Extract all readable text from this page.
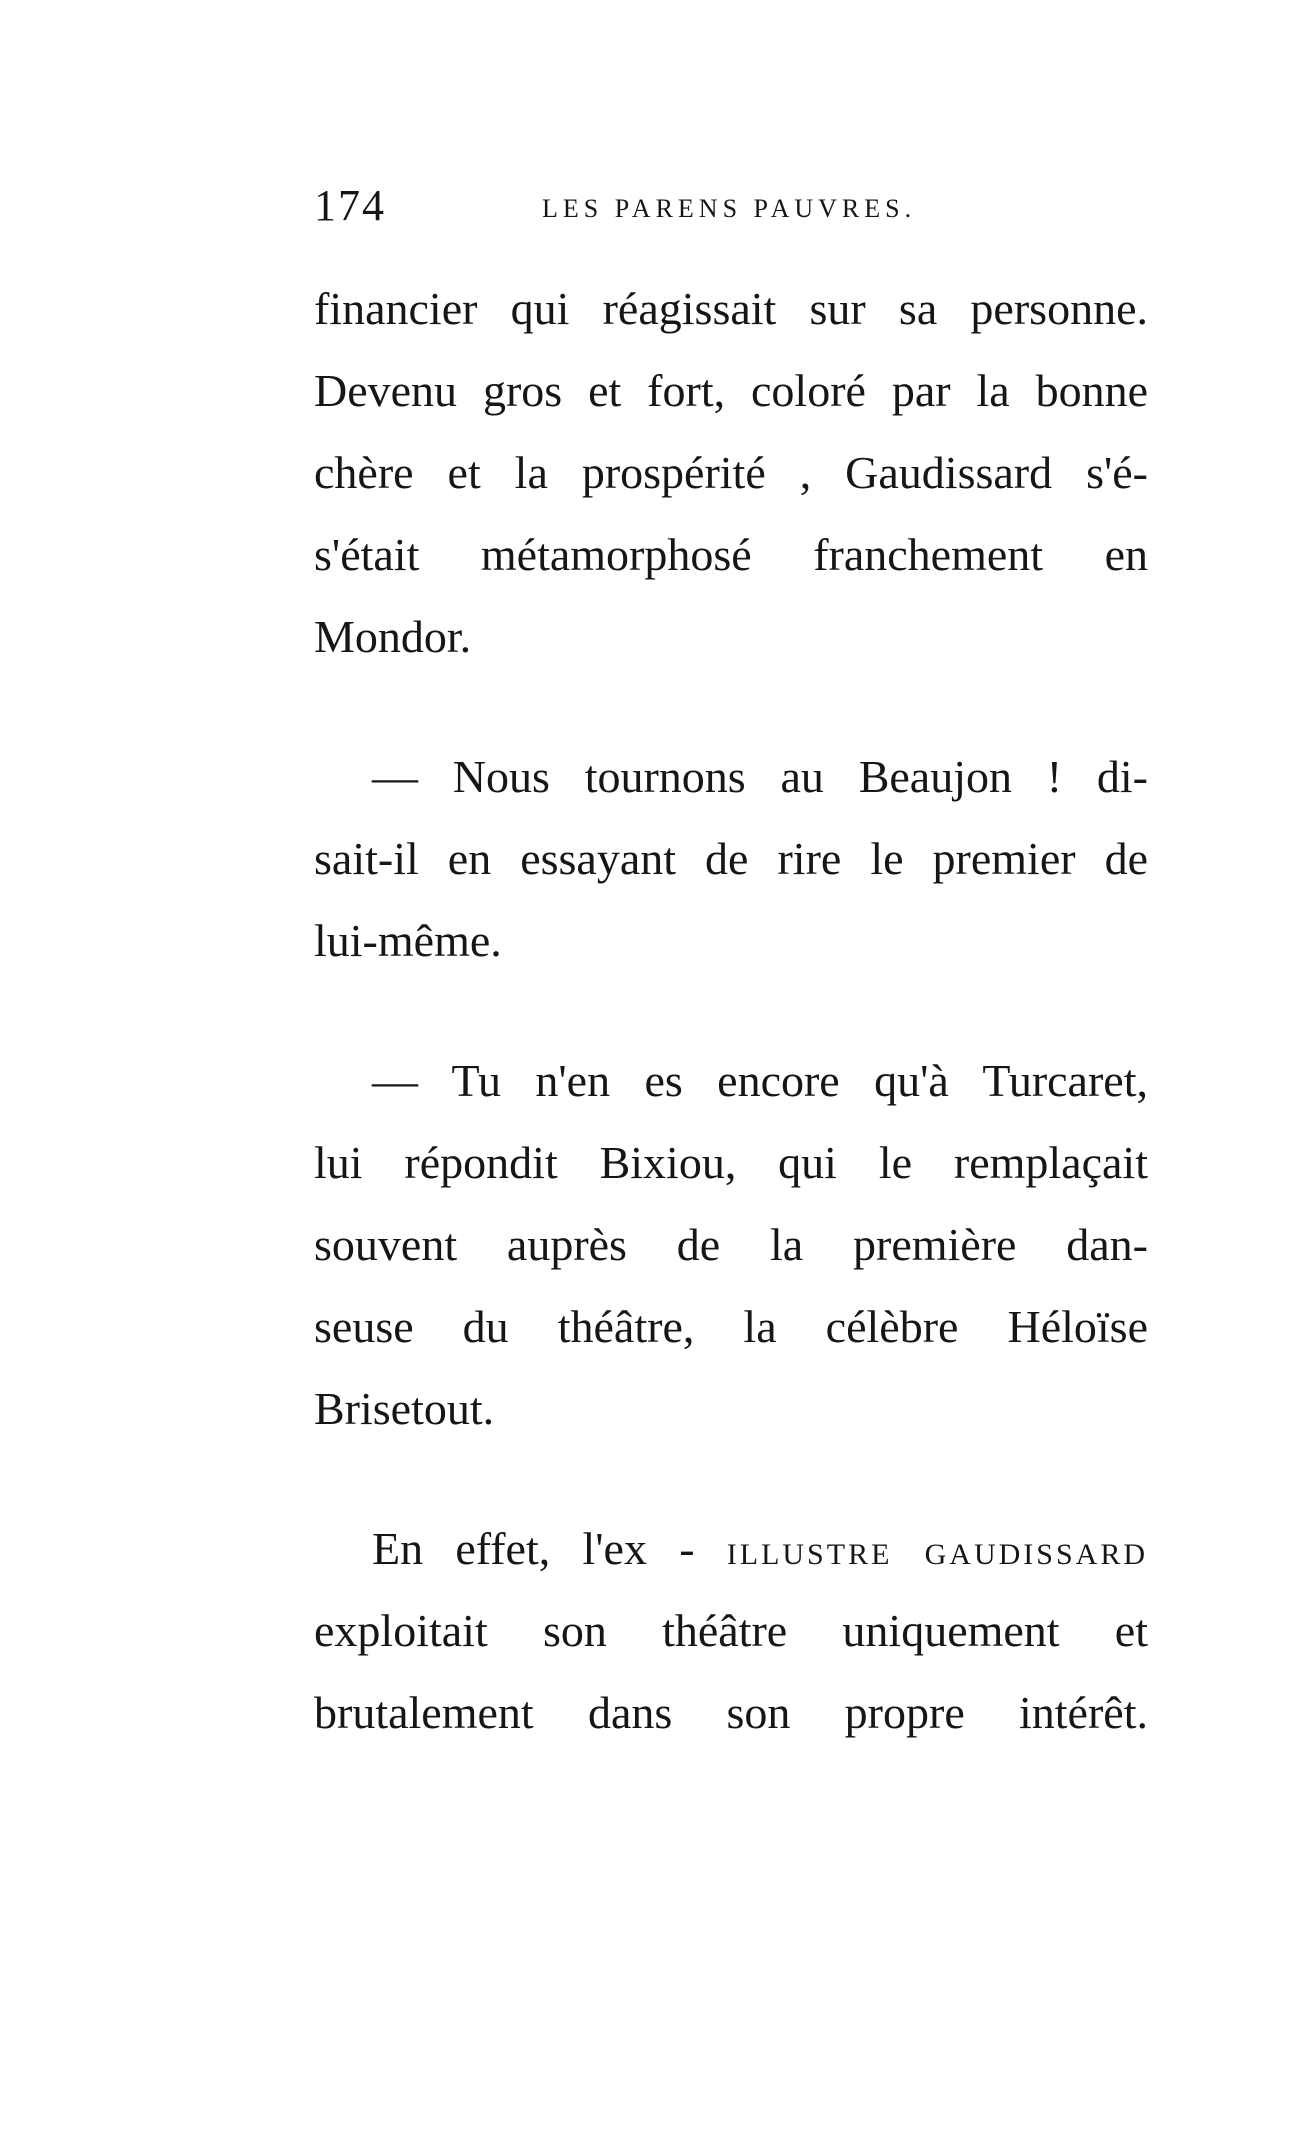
174	LES PARENS PAUVRES.
financier qui réagissait sur sa personne.
Devenu gros et fort, coloré par la bonne
chère et la prospérité , Gaudissard s'é-
s'était métamorphosé franchement en
Mondor.
— Nous tournons au Beaujon ! di-
sait-il en essayant de rire le premier de
lui-même.
— Tu n'en es encore qu'à Turcaret,
lui répondit Bixiou, qui le remplaçait
souvent auprès de la première dan-
seuse du théâtre, la célèbre Héloïse
Brisetout.
En effet, l'ex - ILLUSTRE GAUDISSARD
exploitait son théâtre uniquement et
brutalement dans son propre intérêt.
